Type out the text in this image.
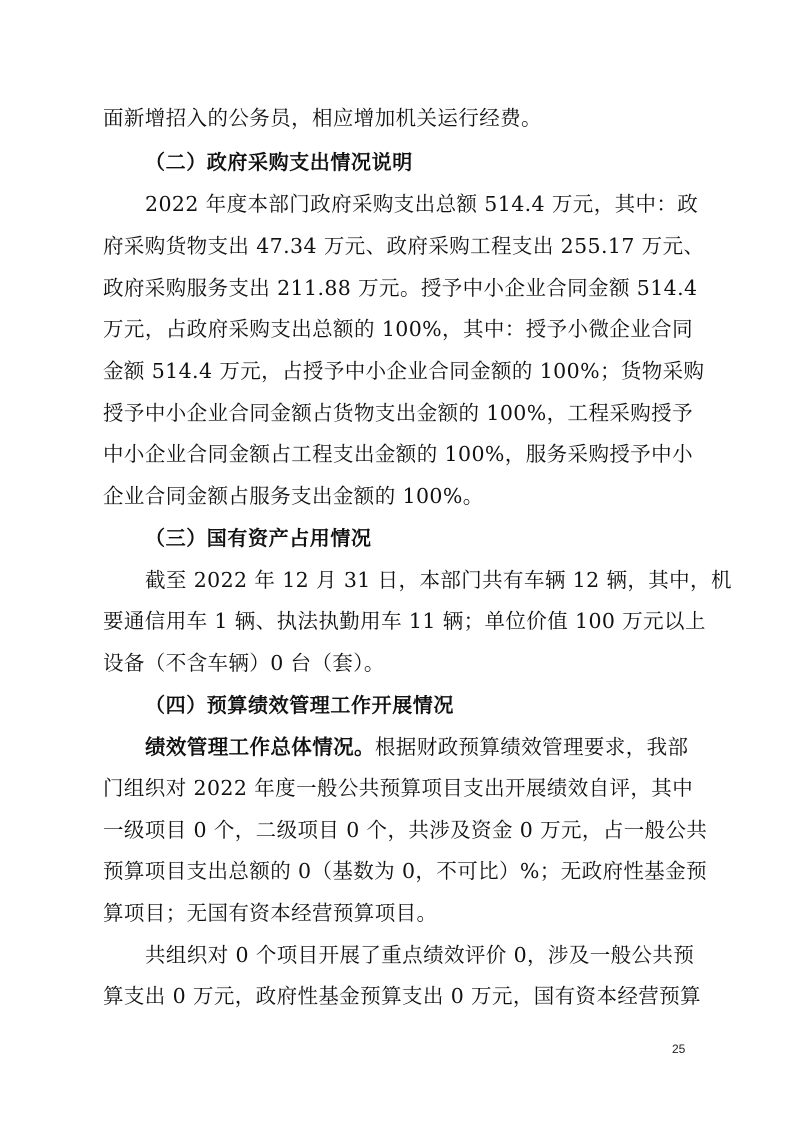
面新增招入的公务员，相应增加机关运行经费。
（二）政府采购支出情况说明
2022 年度本部门政府采购支出总额 514.4 万元，其中：政
府采购货物支出 47.34 万元、政府采购工程支出 255.17 万元、
政府采购服务支出 211.88 万元。授予中小企业合同金额 514.4
万元，占政府采购支出总额的 100%，其中：授予小微企业合同
金额 514.4 万元，占授予中小企业合同金额的 100%；货物采购
授予中小企业合同金额占货物支出金额的 100%，工程采购授予
中小企业合同金额占工程支出金额的 100%，服务采购授予中小
企业合同金额占服务支出金额的 100%。
（三）国有资产占用情况
截至 2022 年 12 月 31 日，本部门共有车辆 12 辆，其中，机
要通信用车 1 辆、执法执勤用车 11 辆；单位价值 100 万元以上
设备（不含车辆）0 台（套）。
（四）预算绩效管理工作开展情况
绩效管理工作总体情况。根据财政预算绩效管理要求，我部
门组织对 2022 年度一般公共预算项目支出开展绩效自评，其中
一级项目 0 个，二级项目 0 个，共涉及资金 0 万元，占一般公共
预算项目支出总额的 0（基数为 0，不可比）%；无政府性基金预
算项目；无国有资本经营预算项目。
共组织对 0 个项目开展了重点绩效评价 0，涉及一般公共预
算支出 0 万元，政府性基金预算支出 0 万元，国有资本经营预算
25
